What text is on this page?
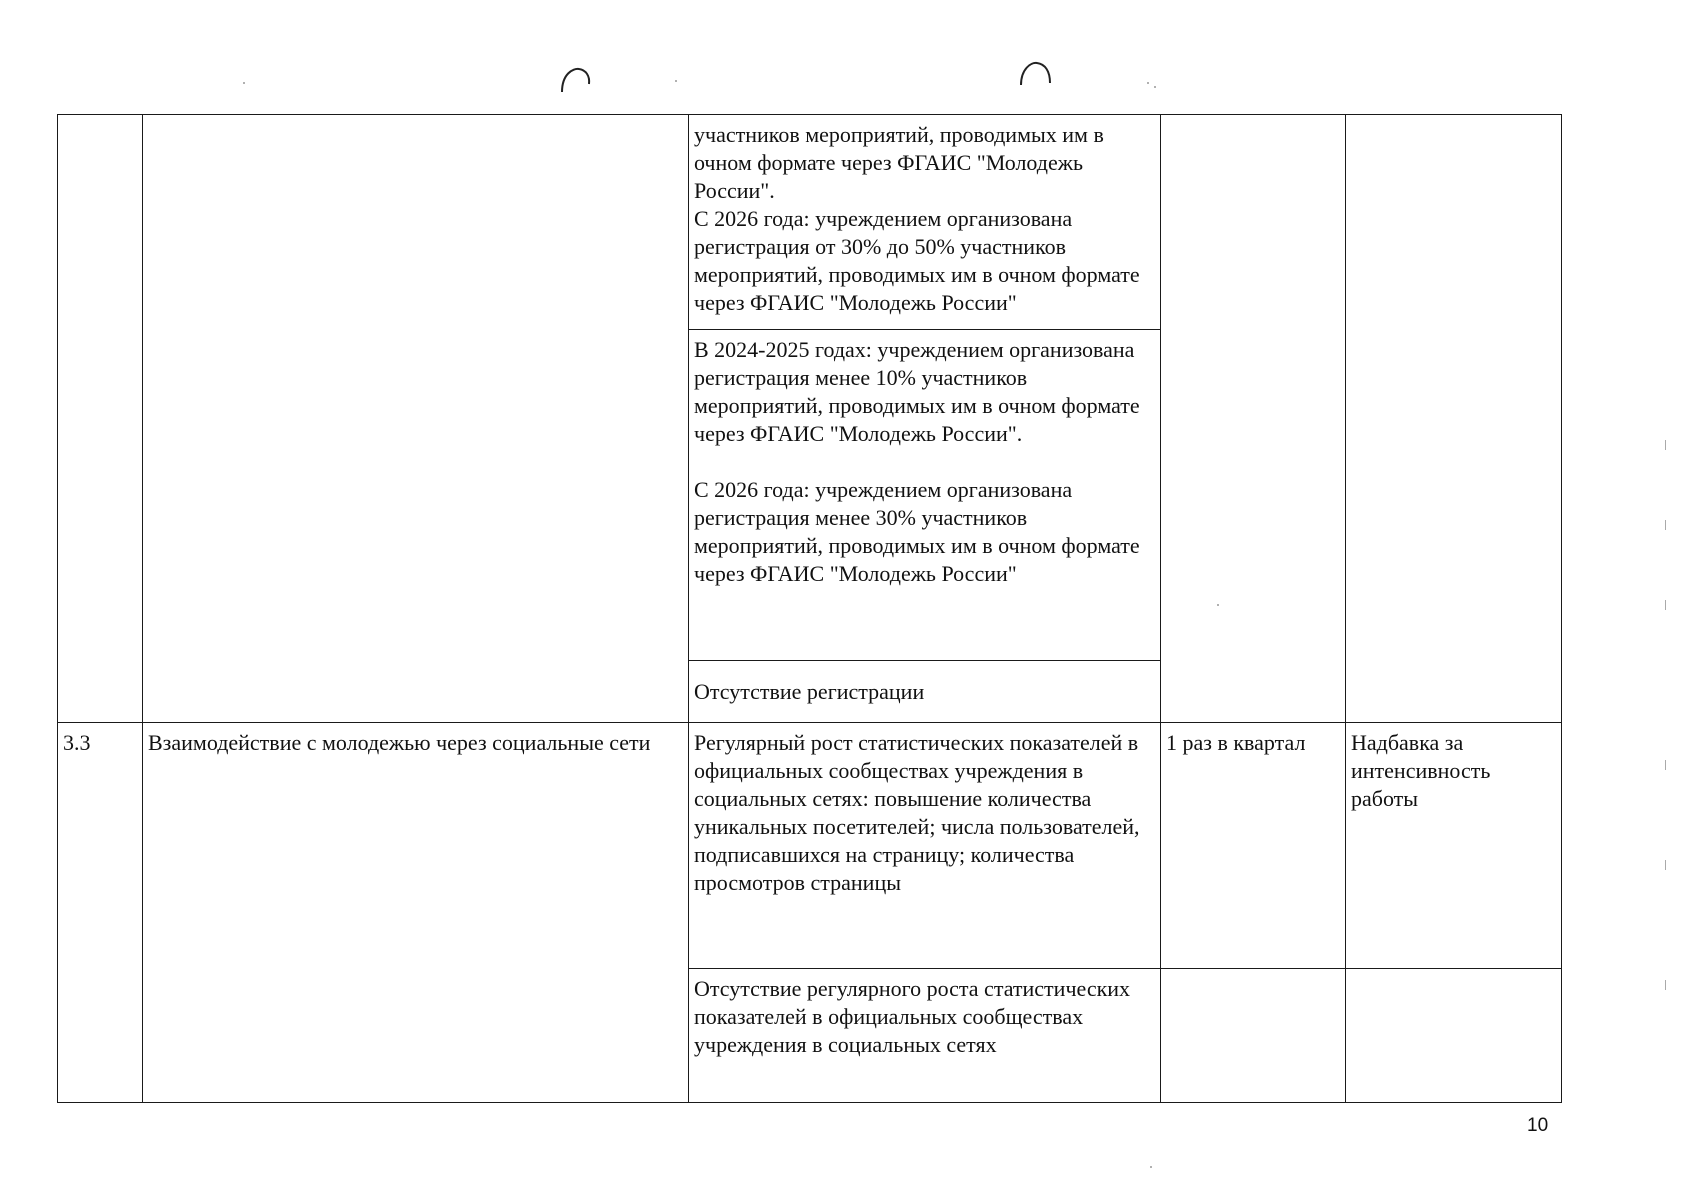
		участников мероприятий, проводимых им в очном формате через ФГАИС "Молодежь России".
С 2026 года: учреждением организована регистрация от 30% до 50% участников мероприятий, проводимых им в очном формате через ФГАИС "Молодежь России"		

		В 2024-2025 годах: учреждением организована регистрация менее 10% участников мероприятий, проводимых им в очном формате через ФГАИС "Молодежь России".
С 2026 года: учреждением организована регистрация менее 30% участников мероприятий, проводимых им в очном формате через ФГАИС "Молодежь России"		

		Отсутствие регистрации		

3.3	Взаимодействие с молодежью через социальные сети	Регулярный рост статистических показателей в официальных сообществах учреждения в социальных сетях: повышение количества уникальных посетителей; числа пользователей, подписавшихся на страницу; количества просмотров страницы	1 раз в квартал	Надбавка за интенсивность работы
		Отсутствие регулярного роста статистических показателей в официальных сообществах учреждения в социальных сетях		
10
